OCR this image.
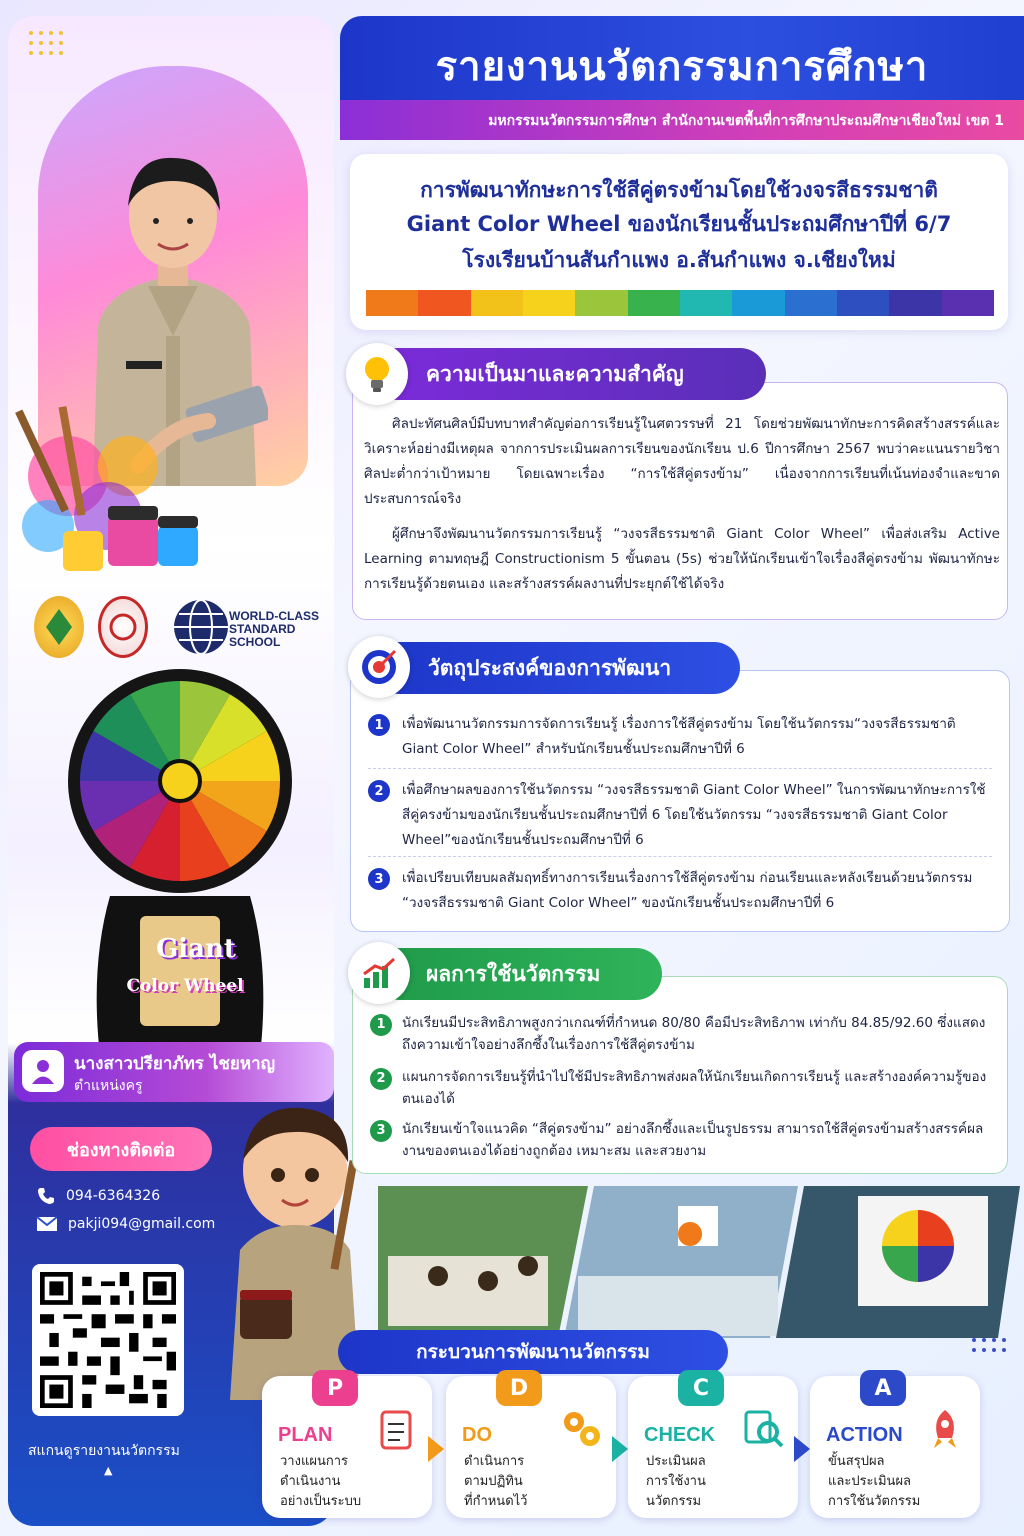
WORLD-CLASS
STANDARD
SCHOOL
Giant
Color Wheel
นางสาวปรียาภัทร ไชยหาญ
ตำแหน่งครู
ช่องทางติดต่อ
094-6364326
pakji094@gmail.com
สแกนดูรายงานนวัตกรรม
▲
รายงานนวัตกรรมการศึกษา
มหกรรมนวัตกรรมการศึกษา สำนักงานเขตพื้นที่การศึกษาประถมศึกษาเชียงใหม่ เขต 1
การพัฒนาทักษะการใช้สีคู่ตรงข้ามโดยใช้วงจรสีธรรมชาติ
Giant Color Wheel ของนักเรียนชั้นประถมศึกษาปีที่ 6/7
โรงเรียนบ้านสันกำแพง อ.สันกำแพง จ.เชียงใหม่
ความเป็นมาและความสำคัญ
ศิลปะทัศนศิลป์มีบทบาทสำคัญต่อการเรียนรู้ในศตวรรษที่ 21 โดยช่วยพัฒนาทักษะการคิดสร้างสรรค์และวิเคราะห์อย่างมีเหตุผล จากการประเมินผลการเรียนของนักเรียน ป.6 ปีการศึกษา 2567 พบว่าคะแนนรายวิชาศิลปะต่ำกว่าเป้าหมาย โดยเฉพาะเรื่อง “การใช้สีคู่ตรงข้าม” เนื่องจากการเรียนที่เน้นท่องจำและขาดประสบการณ์จริง
ผู้ศึกษาจึงพัฒนานวัตกรรมการเรียนรู้ “วงจรสีธรรมชาติ Giant Color Wheel” เพื่อส่งเสริม Active Learning ตามทฤษฎี Constructionism 5 ขั้นตอน (5s) ช่วยให้นักเรียนเข้าใจเรื่องสีคู่ตรงข้าม พัฒนาทักษะการเรียนรู้ด้วยตนเอง และสร้างสรรค์ผลงานที่ประยุกต์ใช้ได้จริง
วัตถุประสงค์ของการพัฒนา
1	เพื่อพัฒนานวัตกรรมการจัดการเรียนรู้ เรื่องการใช้สีคู่ตรงข้าม โดยใช้นวัตกรรม“วงจรสีธรรมชาติ Giant Color Wheel” สำหรับนักเรียนชั้นประถมศึกษาปีที่ 6
2	เพื่อศึกษาผลของการใช้นวัตกรรม “วงจรสีธรรมชาติ Giant Color Wheel” ในการพัฒนาทักษะการใช้สีคู่ครงข้ามของนักเรียนชั้นประถมศึกษาปีที่ 6 โดยใช้นวัตกรรม “วงจรสีธรรมชาติ Giant Color Wheel”ของนักเรียนชั้นประถมศึกษาปีที่ 6
3	เพื่อเปรียบเทียบผลสัมฤทธิ์ทางการเรียนเรื่องการใช้สีคู่ตรงข้าม ก่อนเรียนและหลังเรียนด้วยนวัตกรรม “วงจรสีธรรมชาติ Giant Color Wheel” ของนักเรียนชั้นประถมศึกษาปีที่ 6
ผลการใช้นวัตกรรม
1	นักเรียนมีประสิทธิภาพสูงกว่าเกณฑ์ที่กำหนด 80/80 คือมีประสิทธิภาพ เท่ากับ 84.85/92.60 ซึ่งแสดงถึงความเข้าใจอย่างลึกซึ้งในเรื่องการใช้สีคู่ตรงข้าม
2	แผนการจัดการเรียนรู้ที่นำไปใช้มีประสิทธิภาพส่งผลให้นักเรียนเกิดการเรียนรู้ และสร้างองค์ความรู้ของตนเองได้
3	นักเรียนเข้าใจแนวคิด “สีคู่ตรงข้าม” อย่างลึกซึ้งและเป็นรูปธรรม สามารถใช้สีคู่ตรงข้ามสร้างสรรค์ผลงานของตนเองได้อย่างถูกต้อง เหมาะสม และสวยงาม
กระบวนการพัฒนานวัตกรรม
P
PLAN
วางแผนการ
ดำเนินงาน
อย่างเป็นระบบ
D
DO
ดำเนินการ
ตามปฏิทิน
ที่กำหนดไว้
C
CHECK
ประเมินผล
การใช้งาน
นวัตกรรม
A
ACTION
ขั้นสรุปผล
และประเมินผล
การใช้นวัตกรรม
